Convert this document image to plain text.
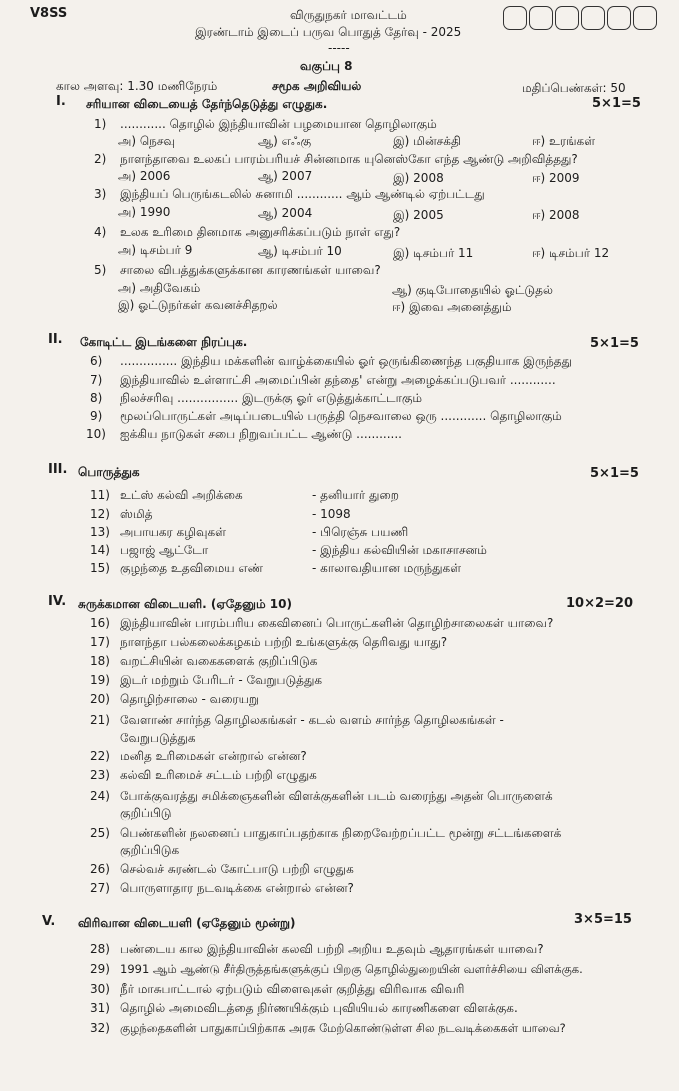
V8SS	விருதுநகர் மாவட்டம்
இரண்டாம் இடைப் பருவ பொதுத் தேர்வு - 2025
-----
வகுப்பு 8
கால அளவு: 1.30 மணிநேரம்	சமூக அறிவியல்	மதிப்பெண்கள்: 50
I. சரியான விடையைத் தேர்ந்தெடுத்து எழுதுக.	5×1=5
1) ............ தொழில் இந்தியாவின் பழமையான தொழிலாகும்
அ) நெசவு	ஆ) எஃகு	இ) மின்சக்தி	ஈ) உரங்கள்
2) நாளந்தாவை உலகப் பாரம்பரியச் சின்னமாக யுனெஸ்கோ எந்த ஆண்டு அறிவித்தது?
அ) 2006	ஆ) 2007	இ) 2008	ஈ) 2009
3) இந்தியப் பெருங்கடலில் சுனாமி ............ ஆம் ஆண்டில் ஏற்பட்டது
அ) 1990	ஆ) 2004	இ) 2005	ஈ) 2008
4) உலக உரிமை தினமாக அனுசரிக்கப்படும் நாள் எது?
அ) டிசம்பர் 9	ஆ) டிசம்பர் 10	இ) டிசம்பர் 11	ஈ) டிசம்பர் 12
5) சாலை விபத்துக்களுக்கான காரணங்கள் யாவை?
அ) அதிவேகம்	ஆ) குடிபோதையில் ஓட்டுதல்
இ) ஓட்டுநர்கள் கவனச்சிதறல்	ஈ) இவை அனைத்தும்
II. கோடிட்ட இடங்களை நிரப்புக.	5×1=5
6) ............... இந்திய மக்களின் வாழ்க்கையில் ஓர் ஒருங்கிணைந்த பகுதியாக இருந்தது
7) இந்தியாவில் உள்ளாட்சி அமைப்பின் தந்தை' என்று அழைக்கப்படுபவர் ............
8) நிலச்சரிவு ................ இடருக்கு ஓர் எடுத்துக்காட்டாகும்
9) மூலப்பொருட்கள் அடிப்படையில் பருத்தி நெசவாலை ஒரு ............ தொழிலாகும்
10) ஐக்கிய நாடுகள் சபை நிறுவப்பட்ட ஆண்டு ............
III. பொருத்துக	5×1=5
11) உட்ஸ் கல்வி அறிக்கை	- தனியார் துறை
12) ஸ்மித்	- 1098
13) அபாயகர கழிவுகள்	- பிரெஞ்சு பயணி
14) பஜாஜ் ஆட்டோ	- இந்திய கல்வியின் மகாசாசனம்
15) குழந்தை உதவிமைய எண்	- காலாவதியான மருந்துகள்
IV. சுருக்கமான விடையளி. (ஏதேனும் 10)	10×2=20
16) இந்தியாவின் பாரம்பரிய கைவினைப் பொருட்களின் தொழிற்சாலைகள் யாவை?
17) நாளந்தா பல்கலைக்கழகம் பற்றி உங்களுக்கு தெரிவது யாது?
18) வறட்சியின் வகைகளைக் குறிப்பிடுக
19) இடர் மற்றும் பேரிடர் - வேறுபடுத்துக
20) தொழிற்சாலை - வரையறு
21) வேளாண் சார்ந்த தொழிலகங்கள் - கடல் வளம் சார்ந்த தொழிலகங்கள் -
வேறுபடுத்துக
22) மனித உரிமைகள் என்றால் என்ன?
23) கல்வி உரிமைச் சட்டம் பற்றி எழுதுக
24) போக்குவரத்து சமிக்ஞைகளின் விளக்குகளின் படம் வரைந்து அதன் பொருளைக்
குறிப்பிடு
25) பெண்களின் நலனைப் பாதுகாப்பதற்காக நிறைவேற்றப்பட்ட மூன்று சட்டங்களைக்
குறிப்பிடுக
26) செல்வச் சுரண்டல் கோட்பாடு பற்றி எழுதுக
27) பொருளாதார நடவடிக்கை என்றால் என்ன?
V. விரிவான விடையளி (ஏதேனும் மூன்று)	3×5=15
28) பண்டைய கால இந்தியாவின் கலவி பற்றி அறிய உதவும் ஆதாரங்கள் யாவை?
29) 1991 ஆம் ஆண்டு சீர்திருத்தங்களுக்குப் பிறகு தொழில்துறையின் வளர்ச்சியை விளக்குக.
30) நீர் மாசுபாட்டால் ஏற்படும் விளைவுகள் குறித்து விரிவாக விவரி
31) தொழில் அமைவிடத்தை நிர்ணயிக்கும் புவியியல் காரணிகளை விளக்குக.
32) குழந்தைகளின் பாதுகாப்பிற்காக அரசு மேற்கொண்டுள்ள சில நடவடிக்கைகள் யாவை?
